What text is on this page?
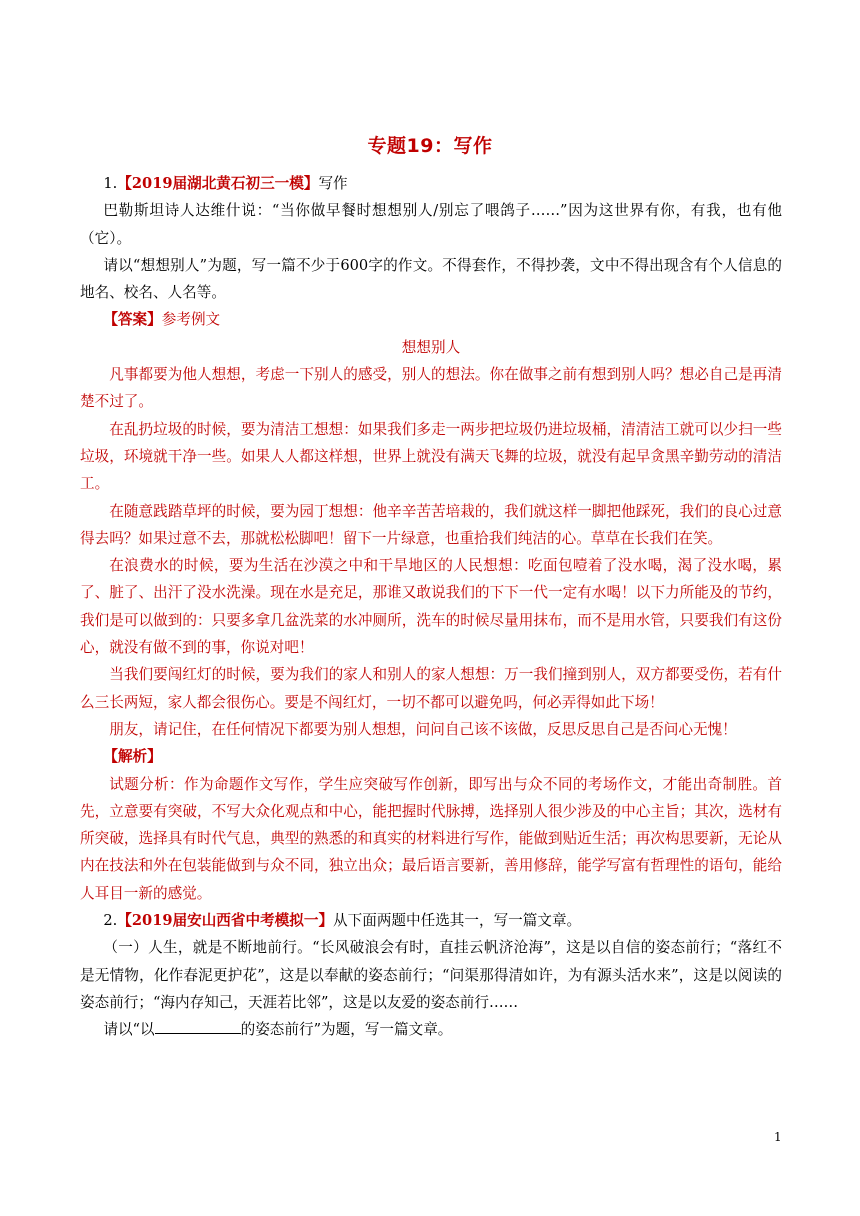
专题19：写作

1.【2019届湖北黄石初三一模】写作

巴勒斯坦诗人达维什说：“当你做早餐时想想别人/别忘了喂鸽子……”因为这世界有你，有我，也有他（它）。

请以“想想别人”为题，写一篇不少于600字的作文。不得套作，不得抄袭，文中不得出现含有个人信息的地名、校名、人名等。

【答案】参考例文

想想别人

凡事都要为他人想想，考虑一下别人的感受，别人的想法。你在做事之前有想到别人吗？想必自己是再清楚不过了。

在乱扔垃圾的时候，要为清洁工想想：如果我们多走一两步把垃圾仍进垃圾桶，清清洁工就可以少扫一些垃圾，环境就干净一些。如果人人都这样想，世界上就没有满天飞舞的垃圾，就没有起早贪黑辛勤劳动的清洁工。

在随意践踏草坪的时候，要为园丁想想：他辛辛苦苦培栽的，我们就这样一脚把他踩死，我们的良心过意得去吗？如果过意不去，那就松松脚吧！留下一片绿意，也重拾我们纯洁的心。草草在长我们在笑。

在浪费水的时候，要为生活在沙漠之中和干旱地区的人民想想：吃面包噎着了没水喝，渴了没水喝，累了、脏了、出汗了没水洗澡。现在水是充足，那谁又敢说我们的下下一代一定有水喝！以下力所能及的节约，我们是可以做到的：只要多拿几盆洗菜的水冲厕所，洗车的时候尽量用抹布，而不是用水管，只要我们有这份心，就没有做不到的事，你说对吧！

当我们要闯红灯的时候，要为我们的家人和别人的家人想想：万一我们撞到别人，双方都要受伤，若有什么三长两短，家人都会很伤心。要是不闯红灯，一切不都可以避免吗，何必弄得如此下场！

朋友，请记住，在任何情况下都要为别人想想，问问自己该不该做，反思反思自己是否问心无愧！

【解析】

试题分析：作为命题作文写作，学生应突破写作创新，即写出与众不同的考场作文，才能出奇制胜。首先，立意要有突破，不写大众化观点和中心，能把握时代脉搏，选择别人很少涉及的中心主旨；其次，选材有所突破，选择具有时代气息，典型的熟悉的和真实的材料进行写作，能做到贴近生活；再次构思要新，无论从内在技法和外在包装能做到与众不同，独立出众；最后语言要新，善用修辞，能学写富有哲理性的语句，能给人耳目一新的感觉。

2.【2019届安山西省中考模拟一】从下面两题中任选其一，写一篇文章。

（一）人生，就是不断地前行。“长风破浪会有时，直挂云帆济沧海”，这是以自信的姿态前行；“落红不是无情物，化作春泥更护花”，这是以奉献的姿态前行；“问渠那得清如许，为有源头活水来”，这是以阅读的姿态前行；“海内存知己，天涯若比邻”，这是以友爱的姿态前行……

请以“以	的姿态前行”为题，写一篇文章。

1
